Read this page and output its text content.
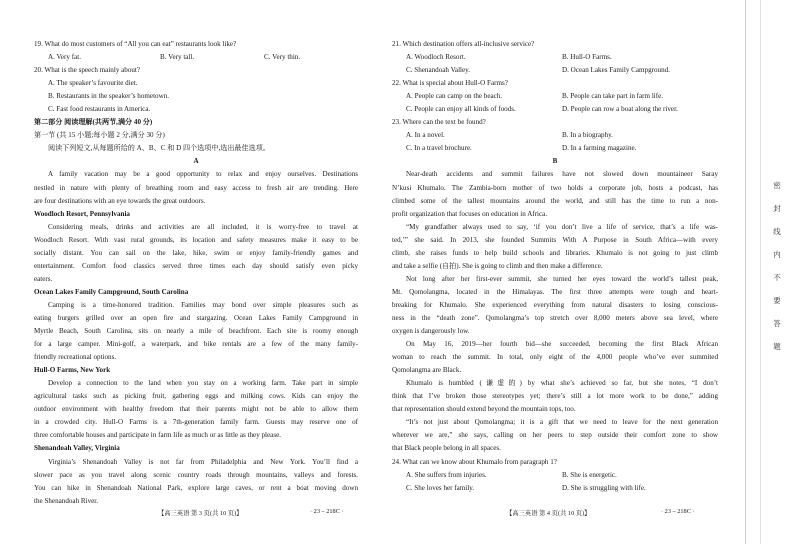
19. What do most customers of “All you can eat” restaurants look like?
A. Very fat.	B. Very tall.	C. Very thin.
20. What is the speech mainly about?
A. The speaker’s favourite diet.
B. Restaurants in the speaker’s hometown.
C. Fast food restaurants in America.
第二部分 阅读理解(共两节,满分 40 分)
第一节 (共 15 小题;每小题 2 分,满分 30 分)
阅读下列短文,从每题所给的 A、B、C 和 D 四个选项中,选出最佳选项。
A
A family vacation may be a good opportunity to relax and enjoy ourselves. Destinations
nestled in nature with plenty of breathing room and easy access to fresh air are trending. Here
are four destinations with an eye towards the great outdoors.
Woodloch Resort, Pennsylvania
Considering meals, drinks and activities are all included, it is worry-free to travel at
Woodloch Resort. With vast rural grounds, its location and safety measures make it easy to be
socially distant. You can sail on the lake, hike, swim or enjoy family-friendly games and
entertainment. Comfort food classics served three times each day should satisfy even picky
eaters.
Ocean Lakes Family Campground, South Carolina
Camping is a time-honored tradition. Families may bond over simple pleasures such as
eating burgers grilled over an open fire and stargazing. Ocean Lakes Family Campground in
Myrtle Beach, South Carolina, sits on nearly a mile of beachfront. Each site is roomy enough
for a large camper. Mini-golf, a waterpark, and bike rentals are a few of the many family-
friendly recreational options.
Hull-O Farms, New York
Develop a connection to the land when you stay on a working farm. Take part in simple
agricultural tasks such as picking fruit, gathering eggs and milking cows. Kids can enjoy the
outdoor environment with healthy freedom that their parents might not be able to allow them
in a crowded city. Hull-O Farms is a 7th-generation family farm. Guests may reserve one of
three comfortable houses and participate in farm life as much or as little as they please.
Shenandoah Valley, Virginia
Virginia’s Shenandoah Valley is not far from Philadelphia and New York. You’ll find a
slower pace as you travel along scenic country roads through mountains, valleys and forests.
You can hike in Shenandoah National Park, explore large caves, or rent a boat moving down
the Shenandoah River.
【高三英语 第 3 页(共 10 页)】	· 23 – 218C ·
21. Which destination offers all-inclusive service?
A. Woodloch Resort.	B. Hull-O Farms.
C. Shenandoah Valley.	D. Ocean Lakes Family Campground.
22. What is special about Hull-O Farms?
A. People can camp on the beach.	B. People can take part in farm life.
C. People can enjoy all kinds of foods.	D. People can row a boat along the river.
23. Where can the text be found?
A. In a novel.	B. In a biography.
C. In a travel brochure.	D. In a farming magazine.
B
Near-death accidents and summit failures have not slowed down mountaineer Saray
N’kusi Khumalo. The Zambia-born mother of two holds a corporate job, hosts a podcast, has
climbed some of the tallest mountains around the world, and still has the time to run a non-
profit organization that focuses on education in Africa.
“My grandfather always used to say, ‘if you don’t live a life of service, that’s a life was-
ted,’” she said. In 2013, she founded Summits With A Purpose in South Africa—with every
climb, she raises funds to help build schools and libraries. Khumalo is not going to just climb
and take a selfie (自拍). She is going to climb and then make a difference.
Not long after her first-ever summit, she turned her eyes toward the world’s tallest peak,
Mt. Qomolangma, located in the Himalayas. The first three attempts were tough and heart-
breaking for Khumalo. She experienced everything from natural disasters to losing conscious-
ness in the “death zone”. Qomolangma’s top stretch over 8,000 meters above sea level, where
oxygen is dangerously low.
On May 16, 2019—her fourth bid—she succeeded, becoming the first Black African
woman to reach the summit. In total, only eight of the 4,000 people who’ve ever summited
Qomolangma are Black.
Khumalo is humbled (谦虚的) by what she’s achieved so far, but she notes, “I don’t
think that I’ve broken those stereotypes yet; there’s still a lot more work to be done,” adding
that representation should extend beyond the mountain tops, too.
“It’s not just about Qomolangma; it is a gift that we need to leave for the next generation
wherever we are,” she says, calling on her peers to step outside their comfort zone to show
that Black people belong in all spaces.
24. What can we know about Khumalo from paragraph 1?
A. She suffers from injuries.	B. She is energetic.
C. She loves her family.	D. She is struggling with life.
【高三英语 第 4 页(共 10 页)】	· 23 – 218C ·
密
封
线
内
不
要
答
题
